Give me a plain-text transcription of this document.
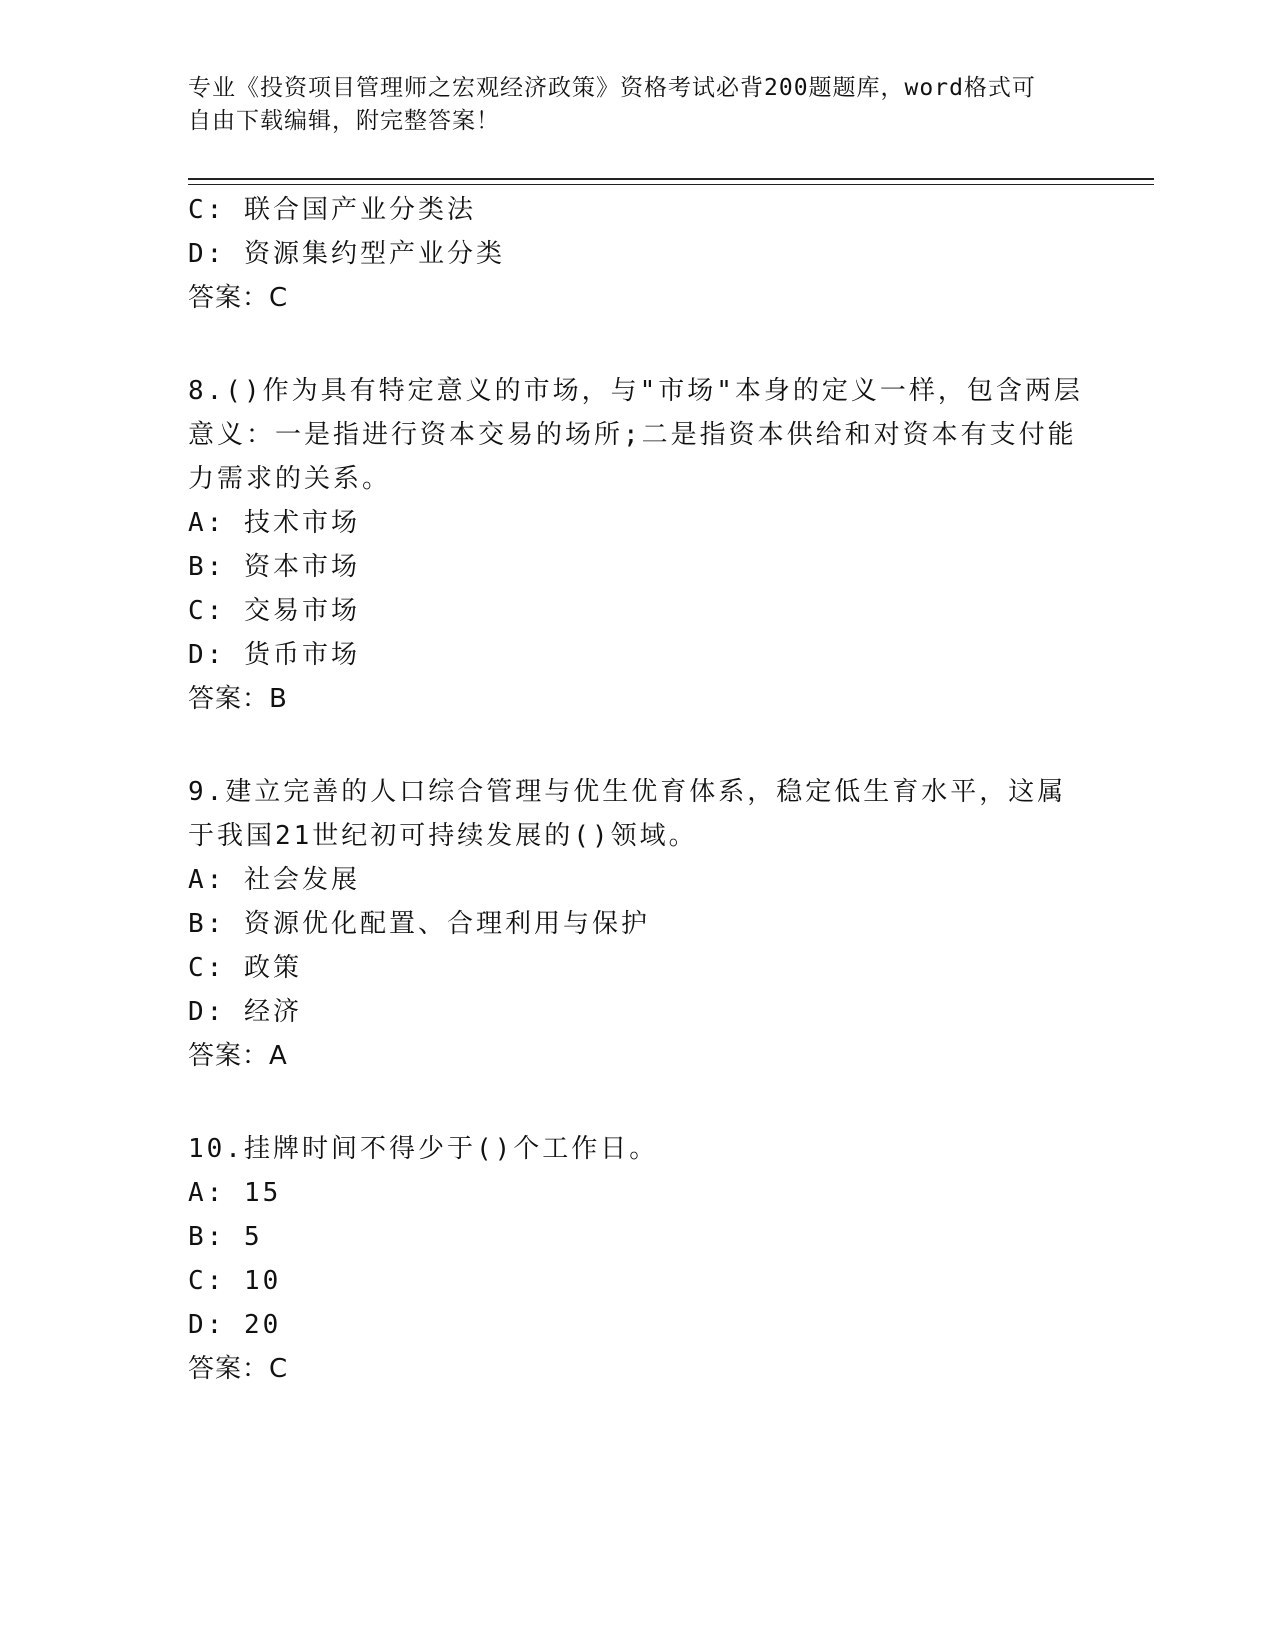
专业《投资项目管理师之宏观经济政策》资格考试必背200题题库，word格式可
自由下载编辑，附完整答案！
C: 联合国产业分类法
D: 资源集约型产业分类
答案：C
8.()作为具有特定意义的市场，与"市场"本身的定义一样，包含两层
意义：一是指进行资本交易的场所;二是指资本供给和对资本有支付能
力需求的关系。
A: 技术市场
B: 资本市场
C: 交易市场
D: 货币市场
答案：B
9.建立完善的人口综合管理与优生优育体系，稳定低生育水平，这属
于我国21世纪初可持续发展的()领域。
A: 社会发展
B: 资源优化配置、合理利用与保护
C: 政策
D: 经济
答案：A
10.挂牌时间不得少于()个工作日。
A: 15
B: 5
C: 10
D: 20
答案：C
